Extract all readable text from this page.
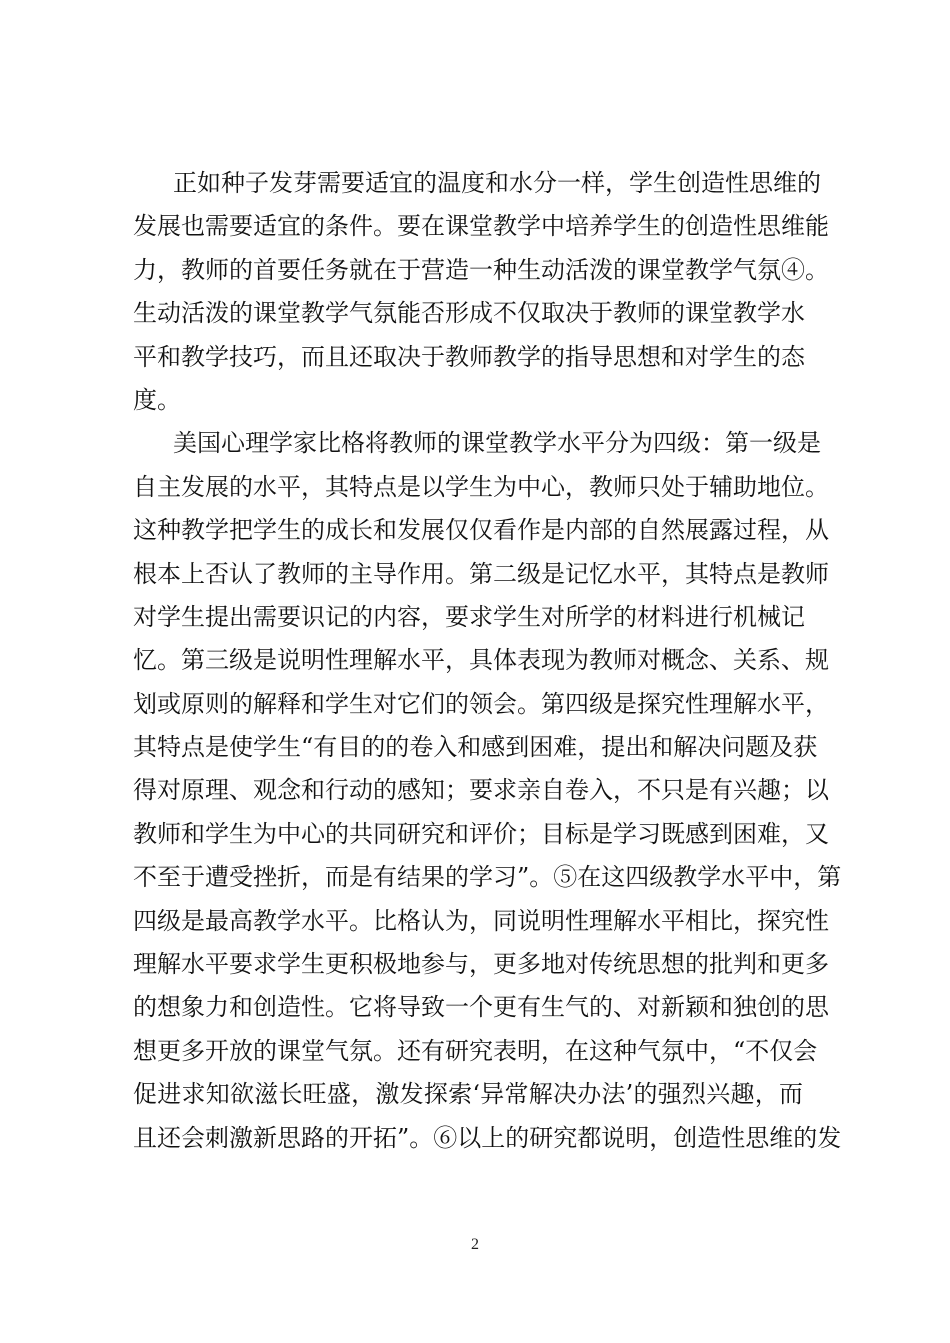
正如种子发芽需要适宜的温度和水分一样，学生创造性思维的
发展也需要适宜的条件。要在课堂教学中培养学生的创造性思维能
力，教师的首要任务就在于营造一种生动活泼的课堂教学气氛④。
生动活泼的课堂教学气氛能否形成不仅取决于教师的课堂教学水
平和教学技巧，而且还取决于教师教学的指导思想和对学生的态
度。
美国心理学家比格将教师的课堂教学水平分为四级：第一级是
自主发展的水平，其特点是以学生为中心，教师只处于辅助地位。
这种教学把学生的成长和发展仅仅看作是内部的自然展露过程，从
根本上否认了教师的主导作用。第二级是记忆水平，其特点是教师
对学生提出需要识记的内容，要求学生对所学的材料进行机械记
忆。第三级是说明性理解水平，具体表现为教师对概念、关系、规
划或原则的解释和学生对它们的领会。第四级是探究性理解水平，
其特点是使学生“有目的的卷入和感到困难，提出和解决问题及获
得对原理、观念和行动的感知；要求亲自卷入，不只是有兴趣；以
教师和学生为中心的共同研究和评价；目标是学习既感到困难，又
不至于遭受挫折，而是有结果的学习”。⑤在这四级教学水平中，第
四级是最高教学水平。比格认为，同说明性理解水平相比，探究性
理解水平要求学生更积极地参与，更多地对传统思想的批判和更多
的想象力和创造性。它将导致一个更有生气的、对新颖和独创的思
想更多开放的课堂气氛。还有研究表明，在这种气氛中，“不仅会
促进求知欲滋长旺盛，激发探索‘异常解决办法’的强烈兴趣，而
且还会刺激新思路的开拓”。⑥以上的研究都说明，创造性思维的发
2
